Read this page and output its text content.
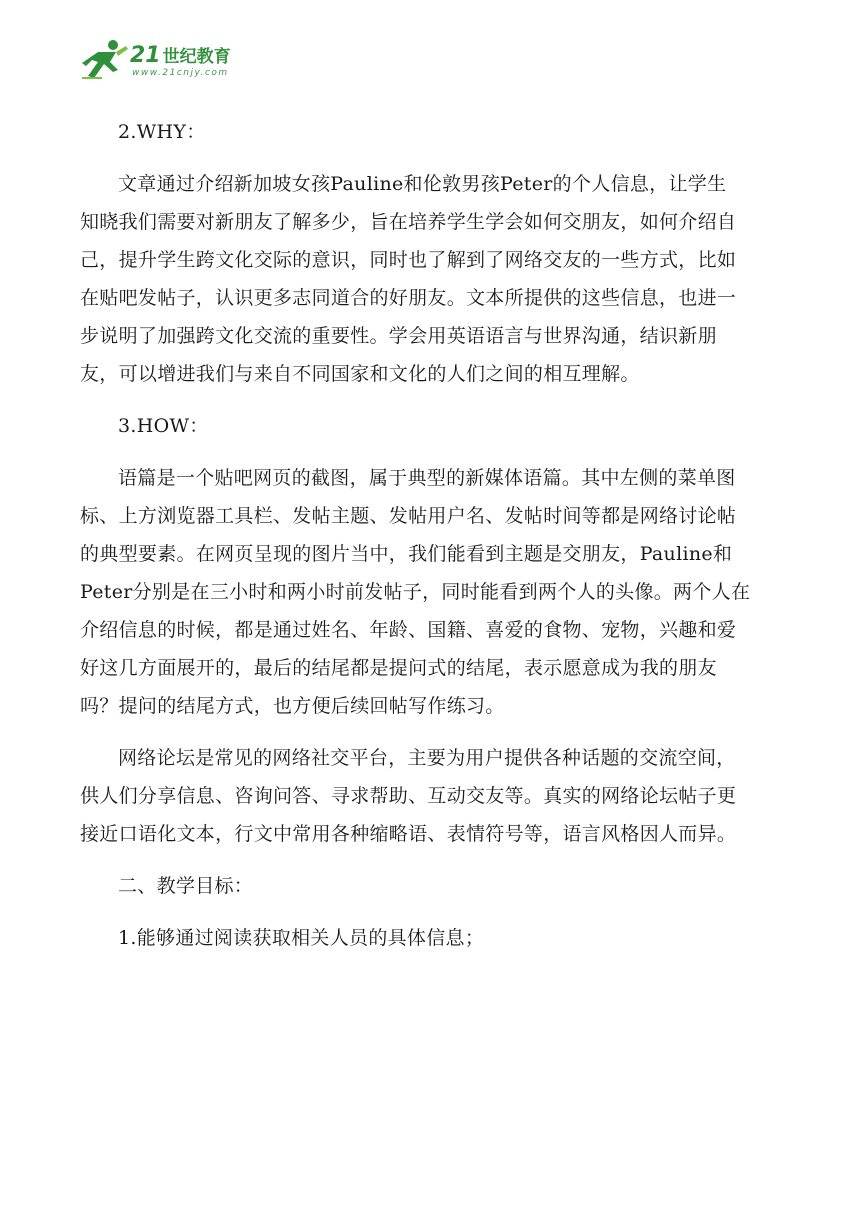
21 世纪教育
www.21cnjy.com

2.WHY：

文章通过介绍新加坡女孩Pauline和伦敦男孩Peter的个人信息，让学生
知晓我们需要对新朋友了解多少，旨在培养学生学会如何交朋友，如何介绍自
己，提升学生跨文化交际的意识，同时也了解到了网络交友的一些方式，比如
在贴吧发帖子，认识更多志同道合的好朋友。文本所提供的这些信息，也进一
步说明了加强跨文化交流的重要性。学会用英语语言与世界沟通，结识新朋
友，可以增进我们与来自不同国家和文化的人们之间的相互理解。

3.HOW：

语篇是一个贴吧网页的截图，属于典型的新媒体语篇。其中左侧的菜单图
标、上方浏览器工具栏、发帖主题、发帖用户名、发帖时间等都是网络讨论帖
的典型要素。在网页呈现的图片当中，我们能看到主题是交朋友，Pauline和
Peter分别是在三小时和两小时前发帖子，同时能看到两个人的头像。两个人在
介绍信息的时候，都是通过姓名、年龄、国籍、喜爱的食物、宠物，兴趣和爱
好这几方面展开的，最后的结尾都是提问式的结尾，表示愿意成为我的朋友
吗？提问的结尾方式，也方便后续回帖写作练习。

网络论坛是常见的网络社交平台，主要为用户提供各种话题的交流空间，
供人们分享信息、咨询问答、寻求帮助、互动交友等。真实的网络论坛帖子更
接近口语化文本，行文中常用各种缩略语、表情符号等，语言风格因人而异。

二、教学目标：

1.能够通过阅读获取相关人员的具体信息；
